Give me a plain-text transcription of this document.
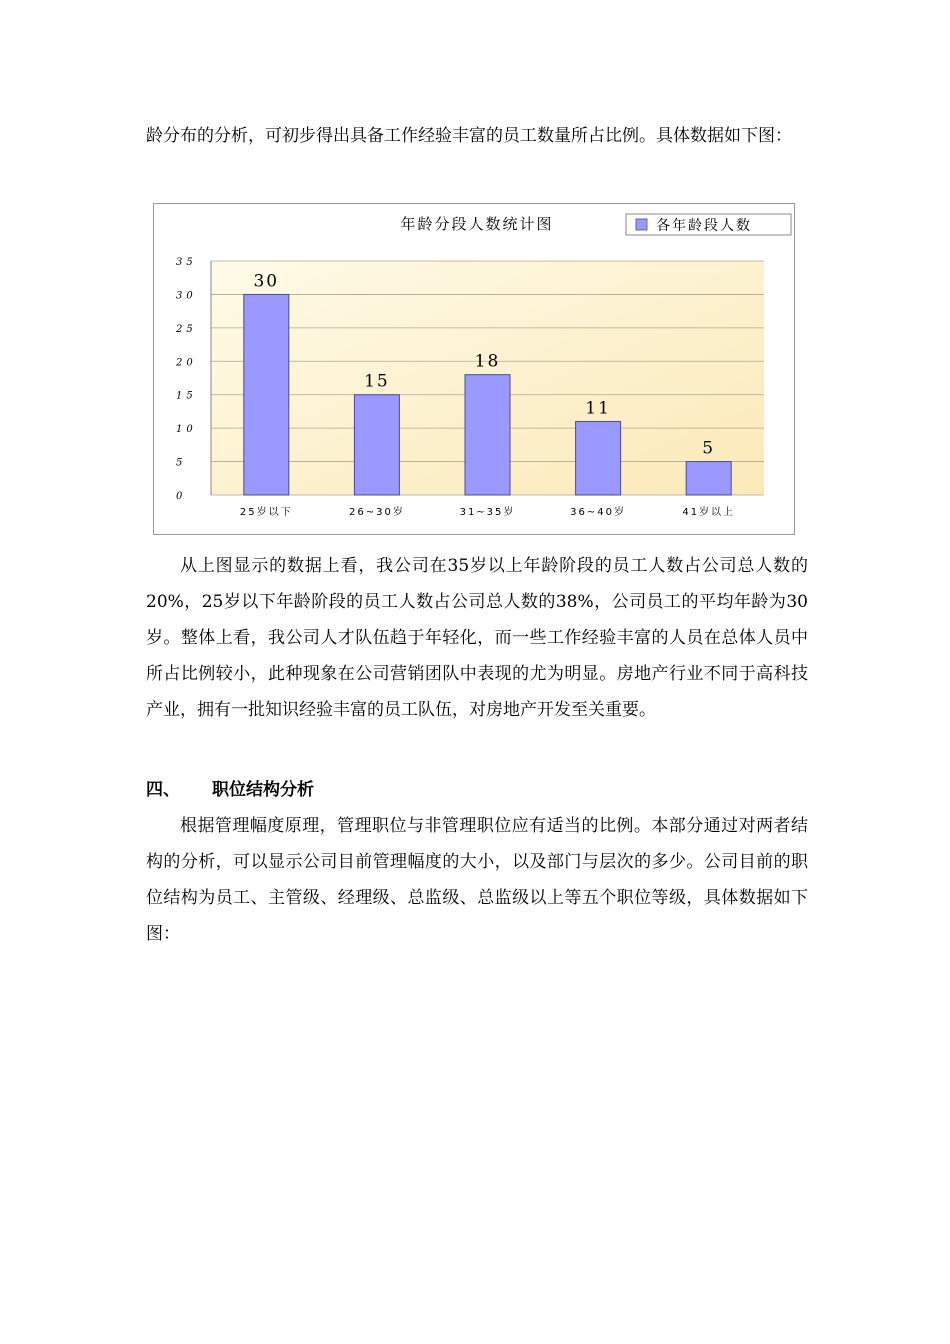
龄分布的分析，可初步得出具备工作经验丰富的员工数量所占比例。具体数据如下图：

年龄分段人数统计图	各年龄段人数
0
5
10
15
20
25
30
35
30
15
18
11
5
25岁以下	26~30岁	31~35岁	36~40岁	41岁以上

从上图显示的数据上看，我公司在35岁以上年龄阶段的员工人数占公司总人数的20%，25岁以下年龄阶段的员工人数占公司总人数的38%，公司员工的平均年龄为30岁。整体上看，我公司人才队伍趋于年轻化，而一些工作经验丰富的人员在总体人员中所占比例较小，此种现象在公司营销团队中表现的尤为明显。房地产行业不同于高科技产业，拥有一批知识经验丰富的员工队伍，对房地产开发至关重要。

四、 职位结构分析

根据管理幅度原理，管理职位与非管理职位应有适当的比例。本部分通过对两者结构的分析，可以显示公司目前管理幅度的大小，以及部门与层次的多少。公司目前的职位结构为员工、主管级、经理级、总监级、总监级以上等五个职位等级，具体数据如下图：
